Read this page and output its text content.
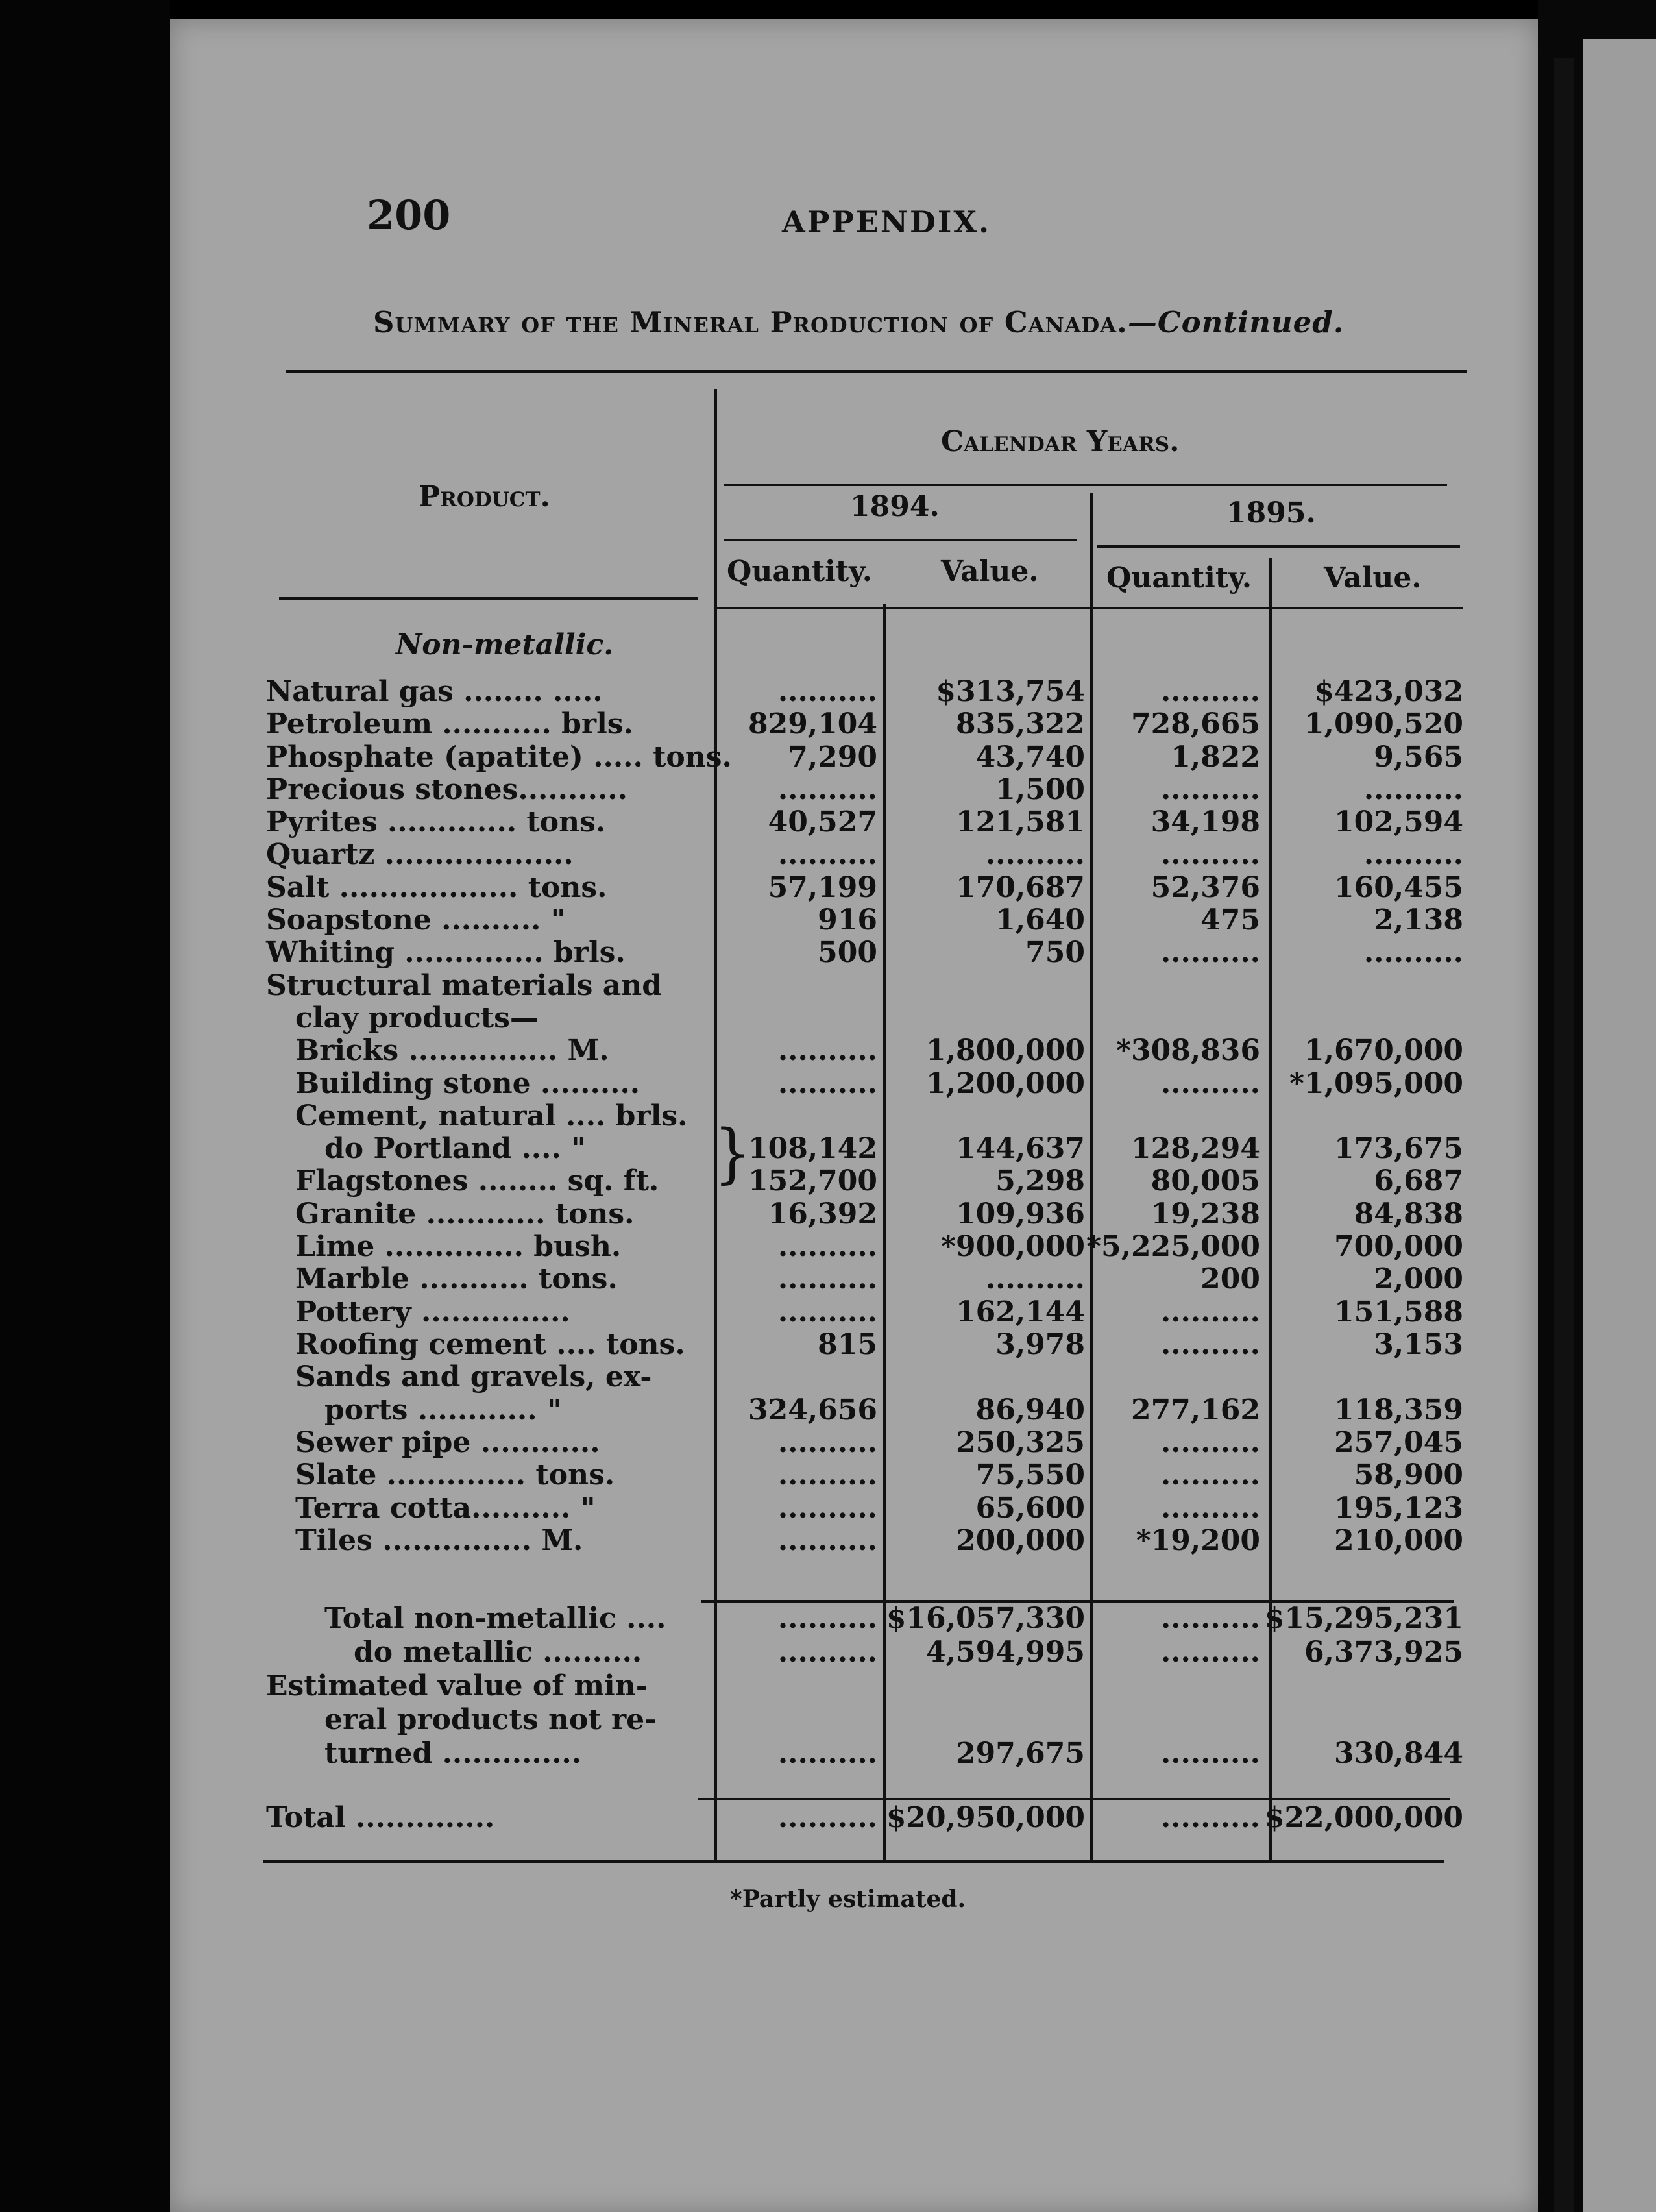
200	APPENDIX.
Summary of the Mineral Production of Canada.—Continued.
Product.
Calendar Years.
1894.	1895.
Quantity. Value. Quantity.	Value.
Non-metallic.
}
Natural gas ........ .....	.......... $313,754	.......... $423,032
Petroleum ........... brls.	829,104	835,322 728,665 1,090,520
Phosphate (apatite) ..... tons. 7,290	43,740	1,822	9,565
Precious stones...........	..........	1,500	..........	..........
Pyrites ............. tons.	40,527	121,581 34,198	102,594
Quartz ...................	..........	..........	..........	..........
Salt .................. tons.	57,199	170,687 52,376	160,455
Soapstone .......... "	916	1,640	475	2,138
Whiting .............. brls.	500	750	..........	..........
Structural materials and
clay products—
Bricks ............... M.	.......... 1,800,000 *308,836 1,670,000
Building stone ..........	.......... 1,200,000	.......... *1,095,000
Cement, natural .... brls.
do Portland .... "	108,142	144,637 128,294	173,675
Flagstones ........ sq. ft.	152,700	5,298 80,005	6,687
Granite ............ tons.	16,392	109,936 19,238	84,838
Lime .............. bush.	.......... *900,000 *5,225,000	700,000
Marble ........... tons.	..........	..........	200	2,000
Pottery ...............	..........	162,144	..........	151,588
Roofing cement .... tons.	815	3,978	..........	3,153
Sands and gravels, ex-
ports ............ "	324,656	86,940 277,162	118,359
Sewer pipe ............	..........	250,325	..........	257,045
Slate .............. tons.	..........	75,550	..........	58,900
Terra cotta.......... "	..........	65,600	..........	195,123
Tiles ............... M.	..........	200,000 *19,200	210,000
Total non-metallic ....	.......... $16,057,330	.......... $15,295,231
do metallic ..........	.......... 4,594,995	.......... 6,373,925
Estimated value of min-
eral products not re-
turned ..............	..........	297,675	..........	330,844
Total ..............	.......... $20,950,000	.......... $22,000,000
*Partly estimated.
